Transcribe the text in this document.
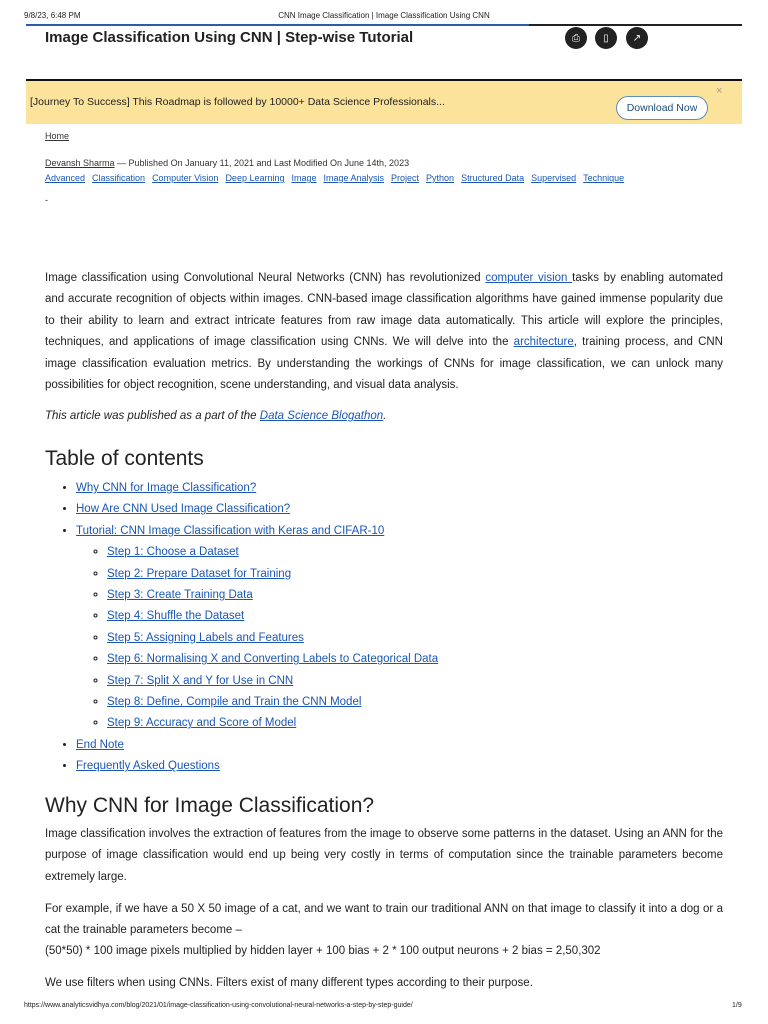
9/8/23, 6:48 PM	CNN Image Classification | Image Classification Using CNN
Image Classification Using CNN | Step-wise Tutorial	⎙	▯	↗
[Journey To Success] This Roadmap is followed by 10000+ Data Science Professionals...	Download Now
×
Home
Devansh Sharma — Published On January 11, 2021 and Last Modified On June 14th, 2023
Advanced Classification Computer Vision Deep Learning Image Image Analysis Project Python Structured Data Supervised Technique
-
Image classification using Convolutional Neural Networks (CNN) has revolutionized computer vision tasks by enabling automated and accurate recognition of objects within images. CNN-based image classification algorithms have gained immense popularity due to their ability to learn and extract intricate features from raw image data automatically. This article will explore the principles, techniques, and applications of image classification using CNNs. We will delve into the architecture, training process, and CNN image classification evaluation metrics. By understanding the workings of CNNs for image classification, we can unlock many possibilities for object recognition, scene understanding, and visual data analysis.
This article was published as a part of the Data Science Blogathon.
Table of contents
• Why CNN for Image Classification?
• How Are CNN Used Image Classification?
• Tutorial: CNN Image Classification with Keras and CIFAR-10
◦ Step 1: Choose a Dataset
◦ Step 2: Prepare Dataset for Training
◦ Step 3: Create Training Data
◦ Step 4: Shuffle the Dataset
◦ Step 5: Assigning Labels and Features
◦ Step 6: Normalising X and Converting Labels to Categorical Data
◦ Step 7: Split X and Y for Use in CNN
◦ Step 8: Define, Compile and Train the CNN Model
◦ Step 9: Accuracy and Score of Model
• End Note
• Frequently Asked Questions
Why CNN for Image Classification?
Image classification involves the extraction of features from the image to observe some patterns in the dataset. Using an ANN for the purpose of image classification would end up being very costly in terms of computation since the trainable parameters become extremely large.
For example, if we have a 50 X 50 image of a cat, and we want to train our traditional ANN on that image to classify it into a dog or a cat the trainable parameters become –
(50*50) * 100 image pixels multiplied by hidden layer + 100 bias + 2 * 100 output neurons + 2 bias = 2,50,302
We use filters when using CNNs. Filters exist of many different types according to their purpose.
https://www.analyticsvidhya.com/blog/2021/01/image-classification-using-convolutional-neural-networks-a-step-by-step-guide/	1/9
